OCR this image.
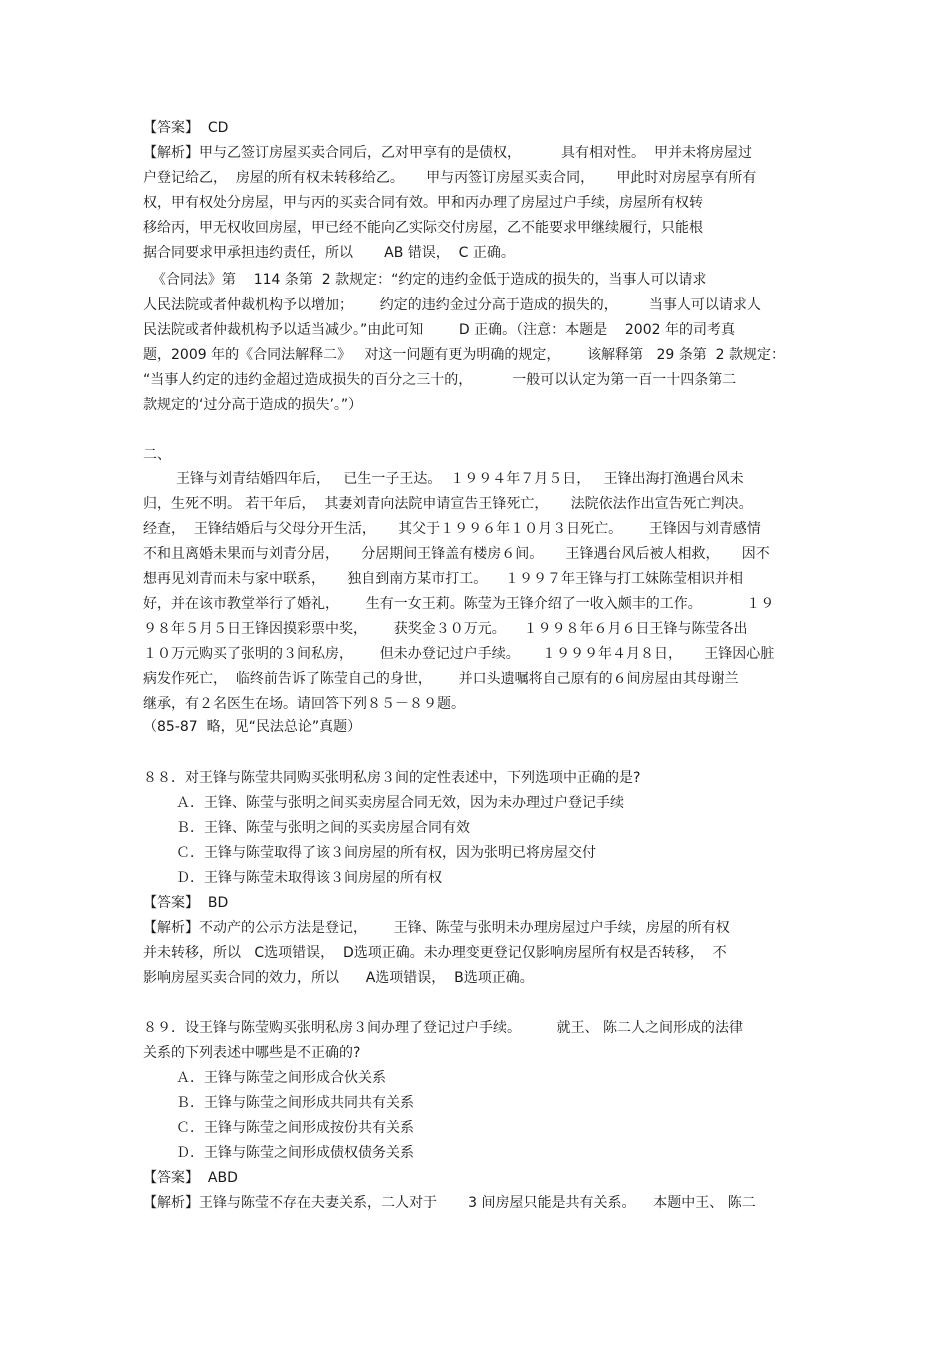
【答案】  CD
【解析】甲与乙签订房屋买卖合同后，乙对甲享有的是债权，         具有相对性。  甲并未将房屋过
户登记给乙，  房屋的所有权未转移给乙。     甲与丙签订房屋买卖合同，     甲此时对房屋享有所有
权，甲有权处分房屋，甲与丙的买卖合同有效。甲和丙办理了房屋过户手续，房屋所有权转
移给丙，甲无权收回房屋，甲已经不能向乙实际交付房屋，乙不能要求甲继续履行，只能根
据合同要求甲承担违约责任，所以       AB 错误，  C 正确。
《合同法》第    114 条第  2 款规定：“约定的违约金低于造成的损失的，当事人可以请求
人民法院或者仲裁机构予以增加；      约定的违约金过分高于造成的损失的，       当事人可以请求人
民法院或者仲裁机构予以适当减少。”由此可知        D 正确。（注意：本题是    2002 年的司考真
题，2009 年的《合同法解释二》   对这一问题有更为明确的规定，      该解释第   29 条第  2 款规定：
“当事人约定的违约金超过造成损失的百分之三十的，         一般可以认定为第一百一十四条第二
款规定的‘过分高于造成的损失’。”）
二、
王锋与刘青结婚四年后，   已生一子王达。  １９９４年７月５日，   王锋出海打渔遇台风未
归，生死不明。 若干年后，  其妻刘青向法院申请宣告王锋死亡，     法院依法作出宣告死亡判决。
经查，  王锋结婚后与父母分开生活，     其父于１９９６年１０月３日死亡。      王锋因与刘青感情
不和且离婚未果而与刘青分居，     分居期间王锋盖有楼房６间。     王锋遇台风后被人相救，     因不
想再见刘青而未与家中联系，     独自到南方某市打工。    １９９７年王锋与打工妹陈莹相识并相
好，并在该市教堂举行了婚礼，      生有一女王莉。陈莹为王锋介绍了一收入颇丰的工作。          １９
９８年５月５日王锋因摸彩票中奖，      获奖金３０万元。    １９９８年６月６日王锋与陈莹各出
１０万元购买了张明的３间私房，      但未办登记过户手续。     １９９９年４月８日，     王锋因心脏
病发作死亡，  临终前告诉了陈莹自己的身世，      并口头遗嘱将自己原有的６间房屋由其母谢兰
继承，有２名医生在场。请回答下列８５－８９题。
（85-87  略，见“民法总论”真题）
８８．对王锋与陈莹共同购买张明私房３间的定性表述中，下列选项中正确的是?
Ａ．王锋、陈莹与张明之间买卖房屋合同无效，因为未办理过户登记手续
Ｂ．王锋、陈莹与张明之间的买卖房屋合同有效
Ｃ．王锋与陈莹取得了该３间房屋的所有权，因为张明已将房屋交付
Ｄ．王锋与陈莹未取得该３间房屋的所有权
【答案】  BD
【解析】不动产的公示方法是登记，      王锋、陈莹与张明未办理房屋过户手续，房屋的所有权
并未转移，所以   C选项错误，  D选项正确。未办理变更登记仅影响房屋所有权是否转移，  不
影响房屋买卖合同的效力，所以      A选项错误，  B选项正确。
８９．设王锋与陈莹购买张明私房３间办理了登记过户手续。        就王、 陈二人之间形成的法律
关系的下列表述中哪些是不正确的?
Ａ．王锋与陈莹之间形成合伙关系
Ｂ．王锋与陈莹之间形成共同共有关系
Ｃ．王锋与陈莹之间形成按份共有关系
Ｄ．王锋与陈莹之间形成债权债务关系
【答案】  ABD
【解析】王锋与陈莹不存在夫妻关系，二人对于       3 间房屋只能是共有关系。    本题中王、 陈二
